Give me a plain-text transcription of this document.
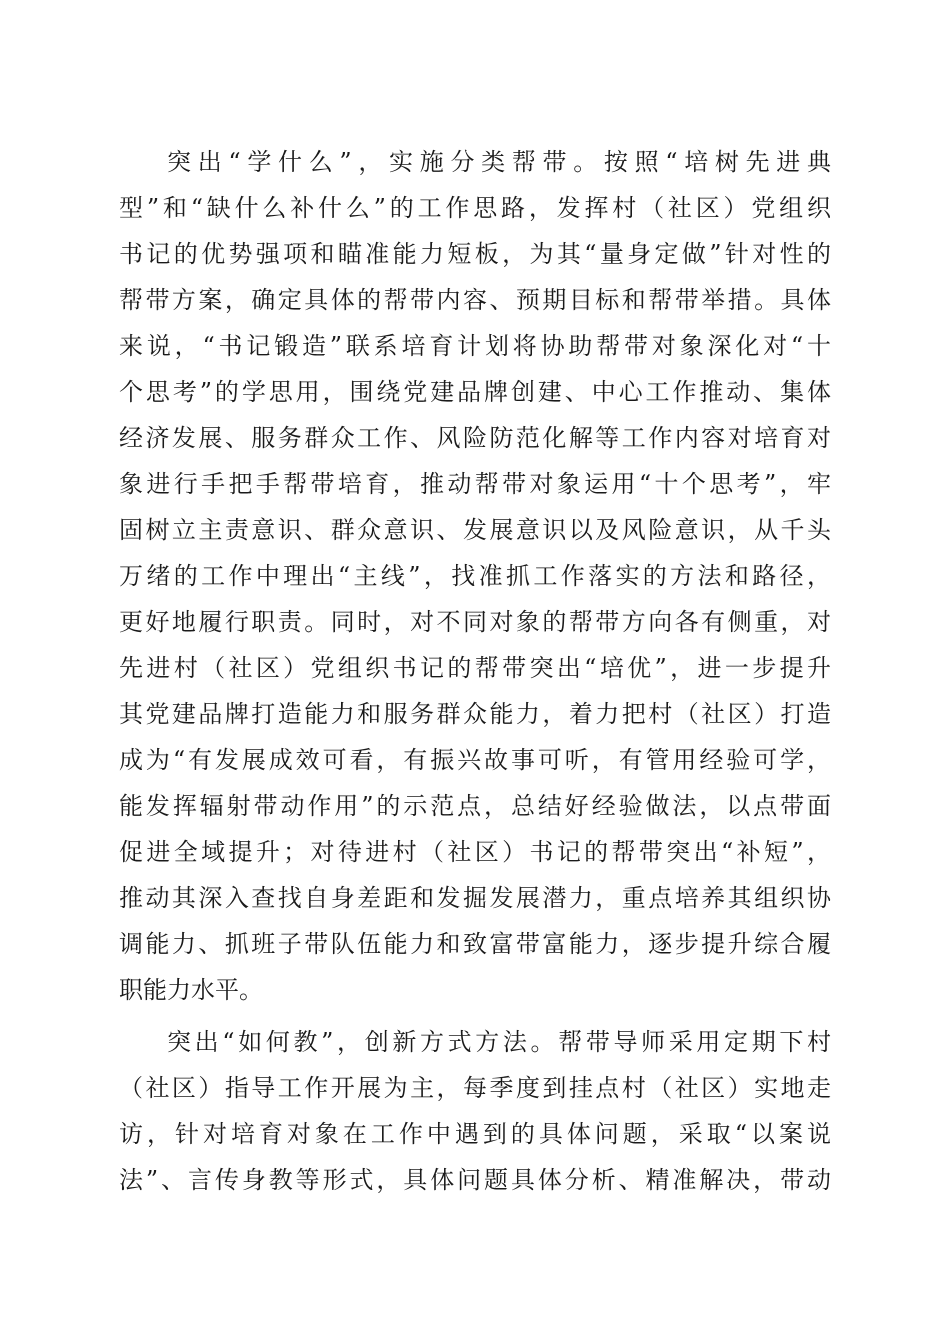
突出“学什么”，实施分类帮带。按照“培树先进典
型”和“缺什么补什么”的工作思路，发挥村（社区）党组织
书记的优势强项和瞄准能力短板，为其“量身定做”针对性的
帮带方案，确定具体的帮带内容、预期目标和帮带举措。具体
来说，“书记锻造”联系培育计划将协助帮带对象深化对“十
个思考”的学思用，围绕党建品牌创建、中心工作推动、集体
经济发展、服务群众工作、风险防范化解等工作内容对培育对
象进行手把手帮带培育，推动帮带对象运用“十个思考”，牢
固树立主责意识、群众意识、发展意识以及风险意识，从千头
万绪的工作中理出“主线”，找准抓工作落实的方法和路径，
更好地履行职责。同时，对不同对象的帮带方向各有侧重，对
先进村（社区）党组织书记的帮带突出“培优”，进一步提升
其党建品牌打造能力和服务群众能力，着力把村（社区）打造
成为“有发展成效可看，有振兴故事可听，有管用经验可学，
能发挥辐射带动作用”的示范点，总结好经验做法，以点带面
促进全域提升；对待进村（社区）书记的帮带突出“补短”，
推动其深入查找自身差距和发掘发展潜力，重点培养其组织协
调能力、抓班子带队伍能力和致富带富能力，逐步提升综合履
职能力水平。
突出“如何教”，创新方式方法。帮带导师采用定期下村
（社区）指导工作开展为主，每季度到挂点村（社区）实地走
访，针对培育对象在工作中遇到的具体问题，采取“以案说
法”、言传身教等形式，具体问题具体分析、精准解决，带动
